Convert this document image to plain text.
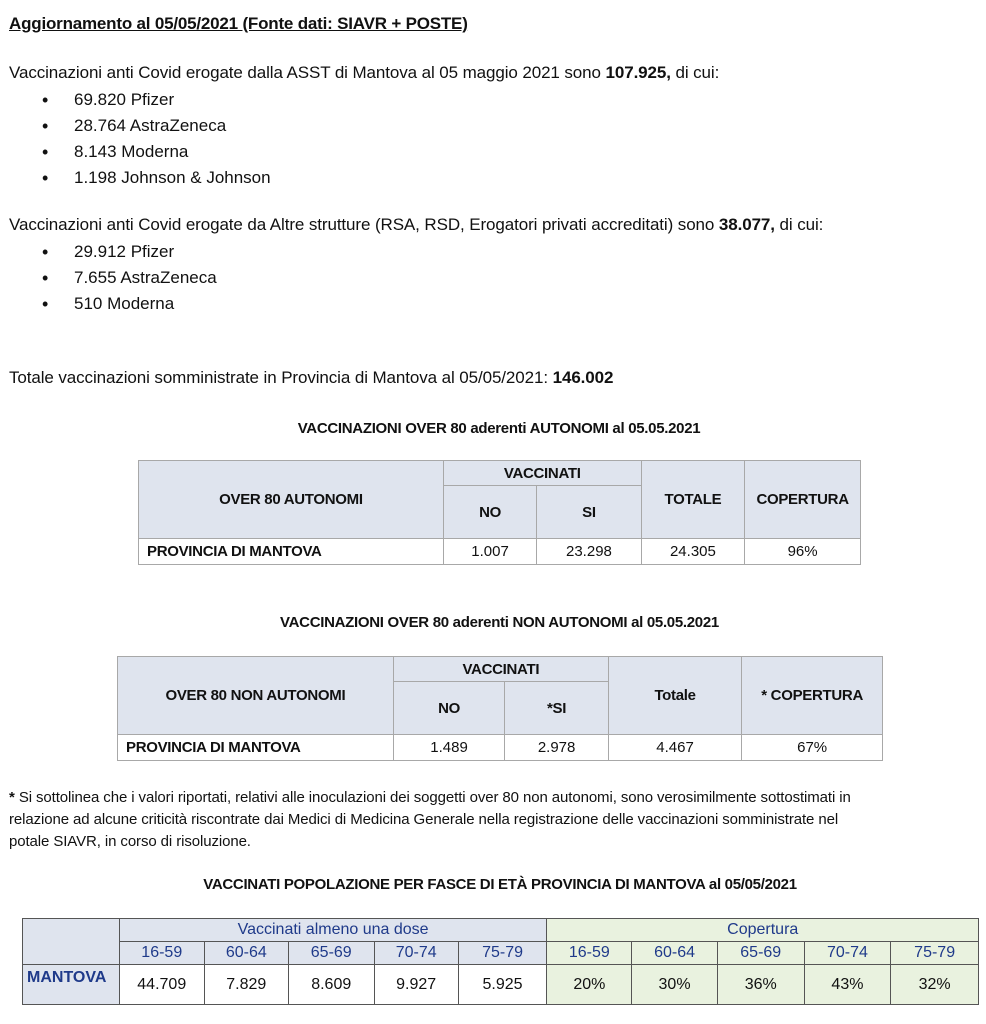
Aggiornamento al 05/05/2021 (Fonte dati: SIAVR + POSTE)
Vaccinazioni anti Covid erogate dalla ASST di Mantova al 05 maggio 2021 sono 107.925, di cui:
• 69.820 Pfizer
• 28.764 AstraZeneca
• 8.143 Moderna
• 1.198 Johnson & Johnson
Vaccinazioni anti Covid erogate da Altre strutture (RSA, RSD, Erogatori privati accreditati) sono 38.077, di cui:
• 29.912 Pfizer
• 7.655 AstraZeneca
• 510 Moderna
Totale vaccinazioni somministrate in Provincia di Mantova al 05/05/2021: 146.002
VACCINAZIONI OVER 80 aderenti AUTONOMI al 05.05.2021
OVER 80 AUTONOMI	VACCINATI		TOTALE	COPERTURA
	NO	SI		
PROVINCIA DI MANTOVA	1.007	23.298	24.305	96%
VACCINAZIONI OVER 80 aderenti NON AUTONOMI al 05.05.2021
OVER 80 NON AUTONOMI	VACCINATI		Totale	* COPERTURA
	NO	*SI		
PROVINCIA DI MANTOVA	1.489	2.978	4.467	67%
* Si sottolinea che i valori riportati, relativi alle inoculazioni dei soggetti over 80 non autonomi, sono verosimilmente sottostimati in
relazione ad alcune criticità riscontrate dai Medici di Medicina Generale nella registrazione delle vaccinazioni somministrate nel
potale SIAVR, in corso di risoluzione.
VACCINATI POPOLAZIONE PER FASCE DI ETÀ PROVINCIA DI MANTOVA al 05/05/2021
	Vaccinati almeno una dose					Copertura				
	16-59	60-64	65-69	70-74	75-79	16-59	60-64	65-69	70-74	75-79
MANTOVA	44.709	7.829	8.609	9.927	5.925	20%	30%	36%	43%	32%
